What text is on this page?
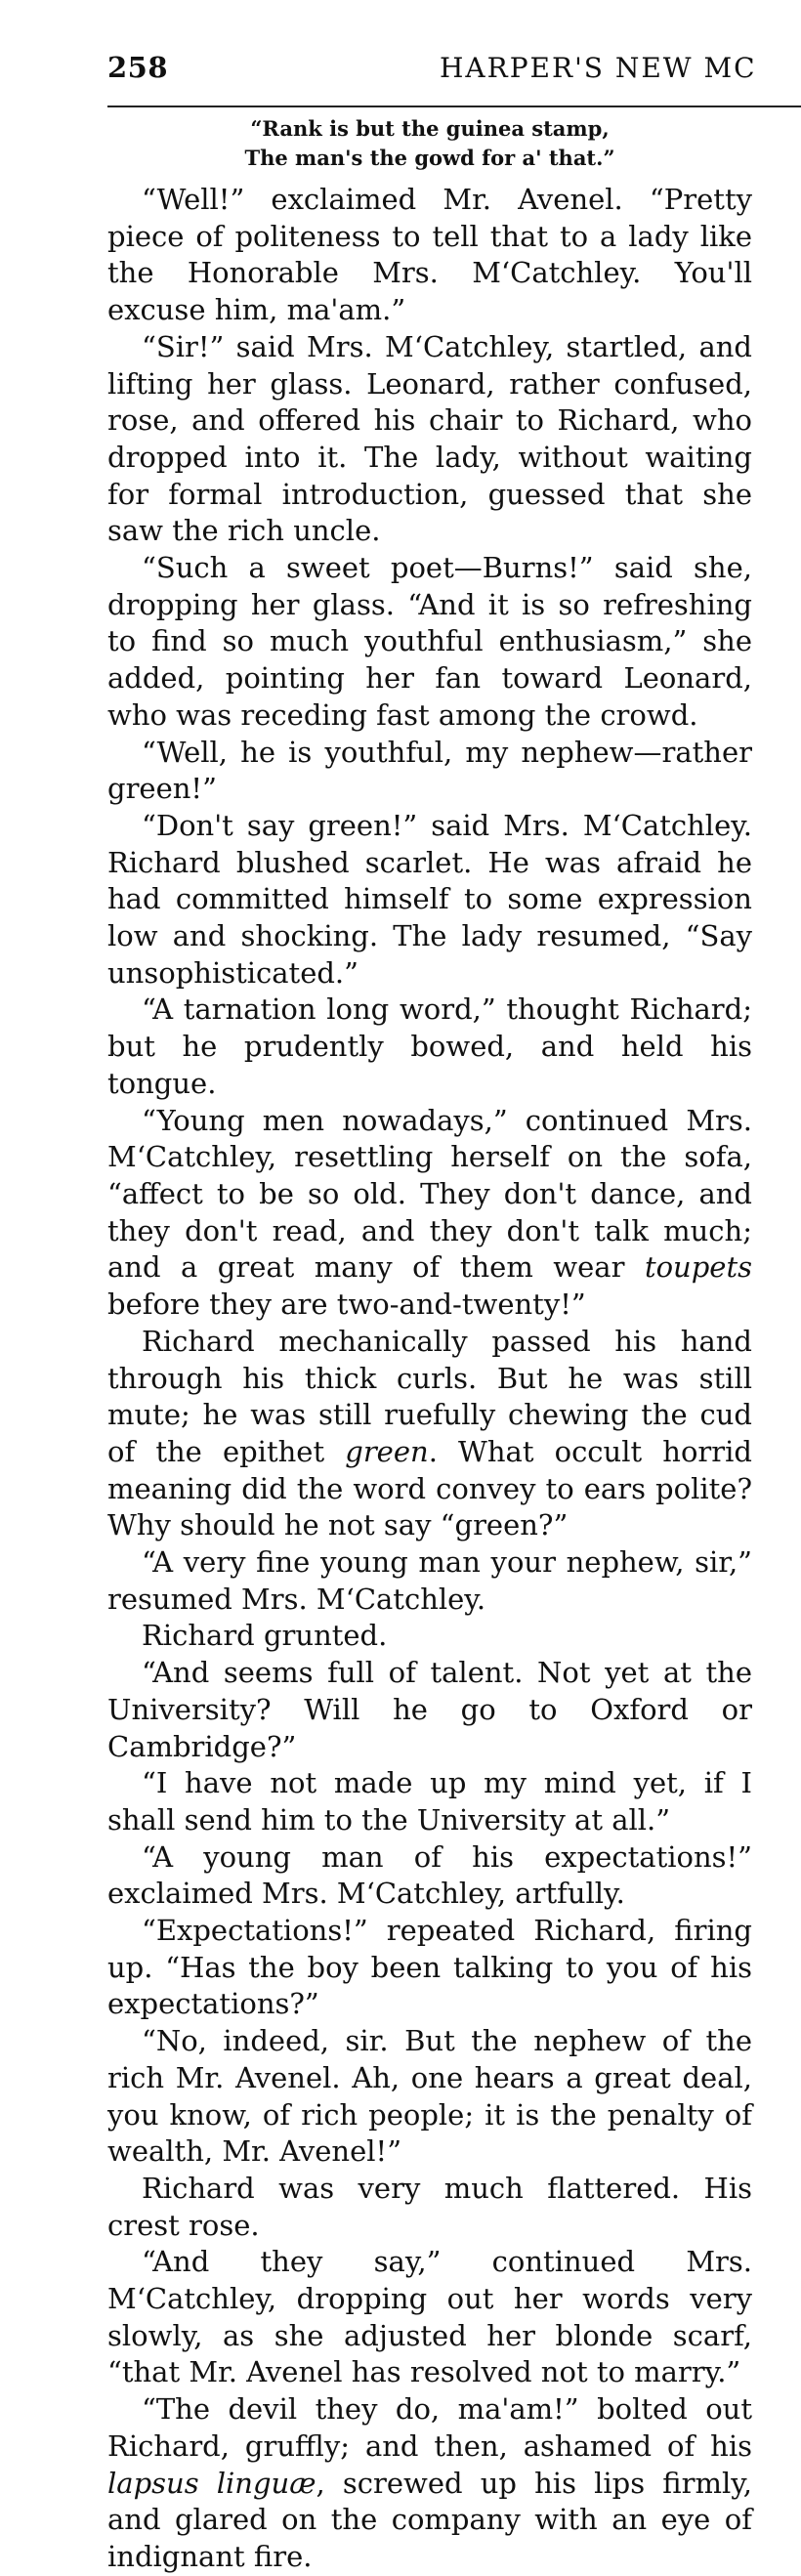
258	HARPER'S NEW MC
“Rank is but the guinea stamp,
The man's the gowd for a' that.”

“Well!” exclaimed Mr. Avenel. “Pretty piece of politeness to tell that to a lady like the Honorable Mrs. M‘Catchley. You'll excuse him, ma'am.”

“Sir!” said Mrs. M‘Catchley, startled, and lifting her glass. Leonard, rather confused, rose, and offered his chair to Richard, who dropped into it. The lady, without waiting for formal introduction, guessed that she saw the rich uncle.

“Such a sweet poet—Burns!” said she, dropping her glass. “And it is so refreshing to find so much youthful enthusiasm,” she added, pointing her fan toward Leonard, who was receding fast among the crowd.

“Well, he is youthful, my nephew—rather green!”

“Don't say green!” said Mrs. M‘Catchley. Richard blushed scarlet. He was afraid he had committed himself to some expression low and shocking. The lady resumed, “Say unsophisticated.”

“A tarnation long word,” thought Richard; but he prudently bowed, and held his tongue.

“Young men nowadays,” continued Mrs. M‘Catchley, resettling herself on the sofa, “affect to be so old. They don't dance, and they don't read, and they don't talk much; and a great many of them wear toupets before they are two-and-twenty!”

Richard mechanically passed his hand through his thick curls. But he was still mute; he was still ruefully chewing the cud of the epithet green. What occult horrid meaning did the word convey to ears polite? Why should he not say “green?”

“A very fine young man your nephew, sir,” resumed Mrs. M‘Catchley.

Richard grunted.

“And seems full of talent. Not yet at the University? Will he go to Oxford or Cambridge?”

“I have not made up my mind yet, if I shall send him to the University at all.”

“A young man of his expectations!” exclaimed Mrs. M‘Catchley, artfully.

“Expectations!” repeated Richard, firing up. “Has the boy been talking to you of his expectations?”

“No, indeed, sir. But the nephew of the rich Mr. Avenel. Ah, one hears a great deal, you know, of rich people; it is the penalty of wealth, Mr. Avenel!”

Richard was very much flattered. His crest rose.

“And they say,” continued Mrs. M‘Catchley, dropping out her words very slowly, as she adjusted her blonde scarf, “that Mr. Avenel has resolved not to marry.”

“The devil they do, ma'am!” bolted out Richard, gruffly; and then, ashamed of his lapsus linguæ, screwed up his lips firmly, and glared on the company with an eye of indignant fire.
